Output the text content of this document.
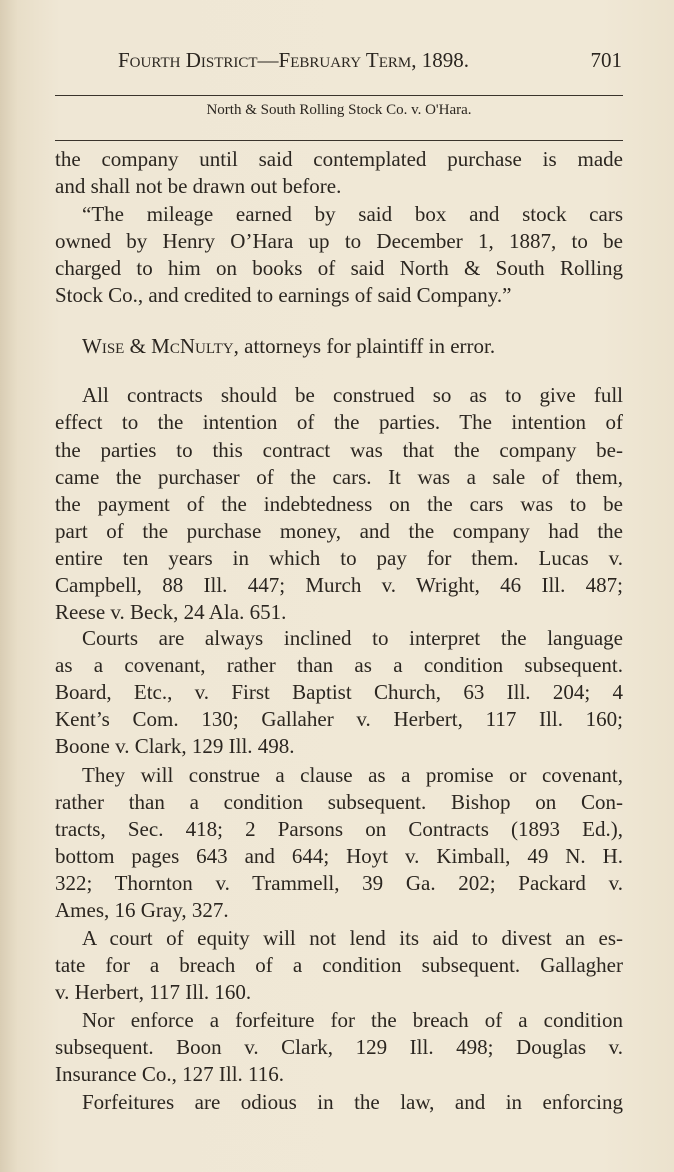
Fourth District—February Term, 1898.	701
North & South Rolling Stock Co. v. O'Hara.
the company until said contemplated purchase is made
and shall not be drawn out before.
“The mileage earned by said box and stock cars
owned by Henry O’Hara up to December 1, 1887, to be
charged to him on books of said North & South Rolling
Stock Co., and credited to earnings of said Company.”
All contracts should be construed so as to give full
effect to the intention of the parties. The intention of
the parties to this contract was that the company be-
came the purchaser of the cars. It was a sale of them,
the payment of the indebtedness on the cars was to be
part of the purchase money, and the company had the
entire ten years in which to pay for them. Lucas v.
Campbell, 88 Ill. 447; Murch v. Wright, 46 Ill. 487;
Reese v. Beck, 24 Ala. 651.
Courts are always inclined to interpret the language
as a covenant, rather than as a condition subsequent.
Board, Etc., v. First Baptist Church, 63 Ill. 204; 4
Kent’s Com. 130; Gallaher v. Herbert, 117 Ill. 160;
Boone v. Clark, 129 Ill. 498.
They will construe a clause as a promise or covenant,
rather than a condition subsequent. Bishop on Con-
tracts, Sec. 418; 2 Parsons on Contracts (1893 Ed.),
bottom pages 643 and 644; Hoyt v. Kimball, 49 N. H.
322; Thornton v. Trammell, 39 Ga. 202; Packard v.
Ames, 16 Gray, 327.
A court of equity will not lend its aid to divest an es-
tate for a breach of a condition subsequent. Gallagher
v. Herbert, 117 Ill. 160.
Nor enforce a forfeiture for the breach of a condition
subsequent. Boon v. Clark, 129 Ill. 498; Douglas v.
Insurance Co., 127 Ill. 116.
Forfeitures are odious in the law, and in enforcing
Wise & McNulty, attorneys for plaintiff in error.
